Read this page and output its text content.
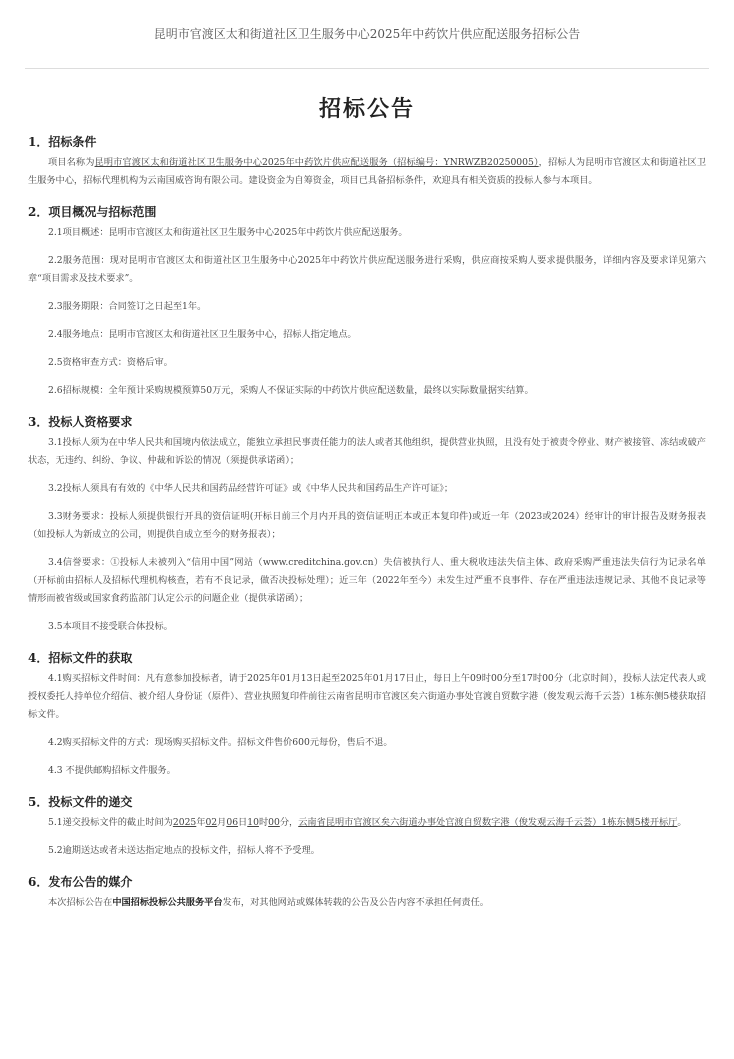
昆明市官渡区太和街道社区卫生服务中心2025年中药饮片供应配送服务招标公告
招标公告
1．招标条件

项目名称为昆明市官渡区太和街道社区卫生服务中心2025年中药饮片供应配送服务（招标编号：YNRWZB20250005），招标人为昆明市官渡区太和街道社区卫生服务中心，招标代理机构为云南国威咨询有限公司。建设资金为自筹资金，项目已具备招标条件，欢迎具有相关资质的投标人参与本项目。

2．项目概况与招标范围

2.1项目概述：昆明市官渡区太和街道社区卫生服务中心2025年中药饮片供应配送服务。

2.2服务范围：现对昆明市官渡区太和街道社区卫生服务中心2025年中药饮片供应配送服务进行采购，供应商按采购人要求提供服务，详细内容及要求详见第六章“项目需求及技术要求”。

2.3服务期限：合同签订之日起至1年。

2.4服务地点：昆明市官渡区太和街道社区卫生服务中心，招标人指定地点。

2.5资格审查方式：资格后审。

2.6招标规模：全年预计采购规模预算50万元，采购人不保证实际的中药饮片供应配送数量，最终以实际数量据实结算。

3．投标人资格要求

3.1投标人须为在中华人民共和国境内依法成立，能独立承担民事责任能力的法人或者其他组织，提供营业执照，且没有处于被责令停业、财产被接管、冻结或破产状态，无违约、纠纷、争议、仲裁和诉讼的情况（须提供承诺函）；

3.2投标人须具有有效的《中华人民共和国药品经营许可证》或《中华人民共和国药品生产许可证》；

3.3财务要求：投标人须提供银行开具的资信证明(开标日前三个月内开具的资信证明正本或正本复印件)或近一年（2023或2024）经审计的审计报告及财务报表（如投标人为新成立的公司，则提供自成立至今的财务报表）；

3.4信誉要求：①投标人未被列入“信用中国”网站（www.creditchina.gov.cn）失信被执行人、重大税收违法失信主体、政府采购严重违法失信行为记录名单（开标前由招标人及招标代理机构核查，若有不良记录，做否决投标处理）；近三年（2022年至今）未发生过严重不良事件、存在严重违法违规记录、其他不良记录等情形而被省级或国家食药监部门认定公示的问题企业（提供承诺函）；

3.5本项目不接受联合体投标。

4．招标文件的获取

4.1购买招标文件时间：凡有意参加投标者，请于2025年01月13日起至2025年01月17日止，每日上午09时00分至17时00分（北京时间），投标人法定代表人或授权委托人持单位介绍信、被介绍人身份证（原件）、营业执照复印件前往云南省昆明市官渡区矣六街道办事处官渡自贸数字港（俊发观云海千云荟）1栋东侧5楼获取招标文件。

4.2购买招标文件的方式：现场购买招标文件。招标文件售价600元每份，售后不退。

4.3 不提供邮购招标文件服务。

5．投标文件的递交

5.1递交投标文件的截止时间为2025年02月06日10时00分，云南省昆明市官渡区矣六街道办事处官渡自贸数字港（俊发观云海千云荟）1栋东侧5楼开标厅。

5.2逾期送达或者未送达指定地点的投标文件，招标人将不予受理。

6．发布公告的媒介

本次招标公告在中国招标投标公共服务平台发布，对其他网站或媒体转载的公告及公告内容不承担任何责任。
